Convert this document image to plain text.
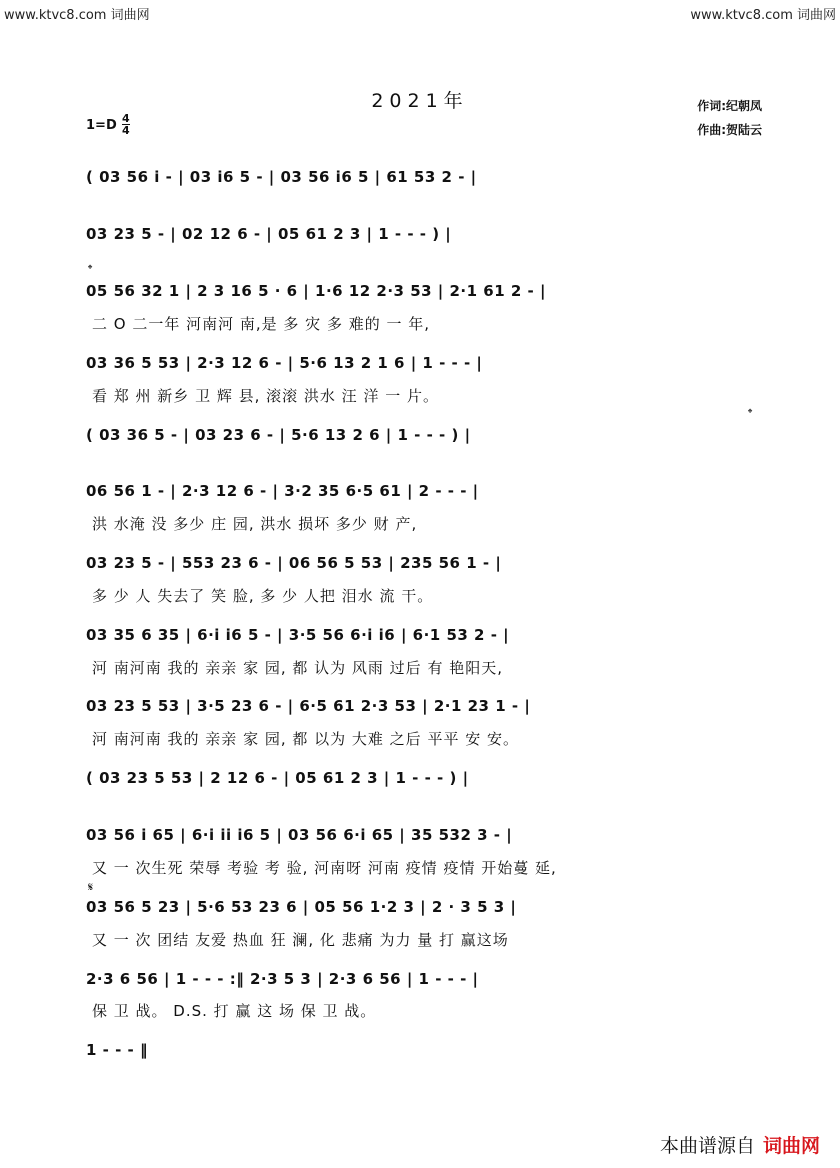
www.ktvc8.com 词曲网	www.ktvc8.com 词曲网
2021年	作词:纪朝凤
作曲:贺陆云
1=D 4
4
( 03 56 i - | 03 i6 5 - | 03 56 i6 5 | 61 53 2 - |
03 23 5 - | 02 12 6 - | 05 61 2 3 | 1 - - - ) |
𝄌
05 56 32 1 | 2 3 16 5 · 6 | 1·6 12 2·3 53 | 2·1 61 2 - |
二 O 二一年 河南河 南,是 多 灾 多 难的 一 年,
03 36 5 53 | 2·3 12 6 - | 5·6 13 2 1 6 | 1 - - - |
看 郑 州 新乡 卫 辉 县, 滚滚 洪水 汪 洋 一 片。
𝄌
( 03 36 5 - | 03 23 6 - | 5·6 13 2 6 | 1 - - - ) |
06 56 1 - | 2·3 12 6 - | 3·2 35 6·5 61 | 2 - - - |
洪 水淹 没 多少 庄 园, 洪水 损坏 多少 财 产,
03 23 5 - | 553 23 6 - | 06 56 5 53 | 235 56 1 - |
多 少 人 失去了 笑 脸, 多 少 人把 泪水 流 干。
03 35 6 35 | 6·i i6 5 - | 3·5 56 6·i i6 | 6·1 53 2 - |
河 南河南 我的 亲亲 家 园, 都 认为 风雨 过后 有 艳阳天,
03 23 5 53 | 3·5 23 6 - | 6·5 61 2·3 53 | 2·1 23 1 - |
河 南河南 我的 亲亲 家 园, 都 以为 大难 之后 平平 安 安。
( 03 23 5 53 | 2 12 6 - | 05 61 2 3 | 1 - - - ) |
03 56 i 65 | 6·i ii i6 5 | 03 56 6·i 65 | 35 532 3 - |
又 一 次生死 荣辱 考验 考 验, 河南呀 河南 疫情 疫情 开始蔓 延,
𝄋
03 56 5 23 | 5·6 53 23 6 | 05 56 1·2 3 | 2 · 3 5 3 |
又 一 次 团结 友爱 热血 狂 澜, 化 悲痛 为力 量 打 赢这场
2·3 6 56 | 1 - - - :‖ 2·3 5 3 | 2·3 6 56 | 1 - - - |
保 卫 战。 D.S. 打 赢 这 场 保 卫 战。
1 - - - ‖
本曲谱源自 词曲网
